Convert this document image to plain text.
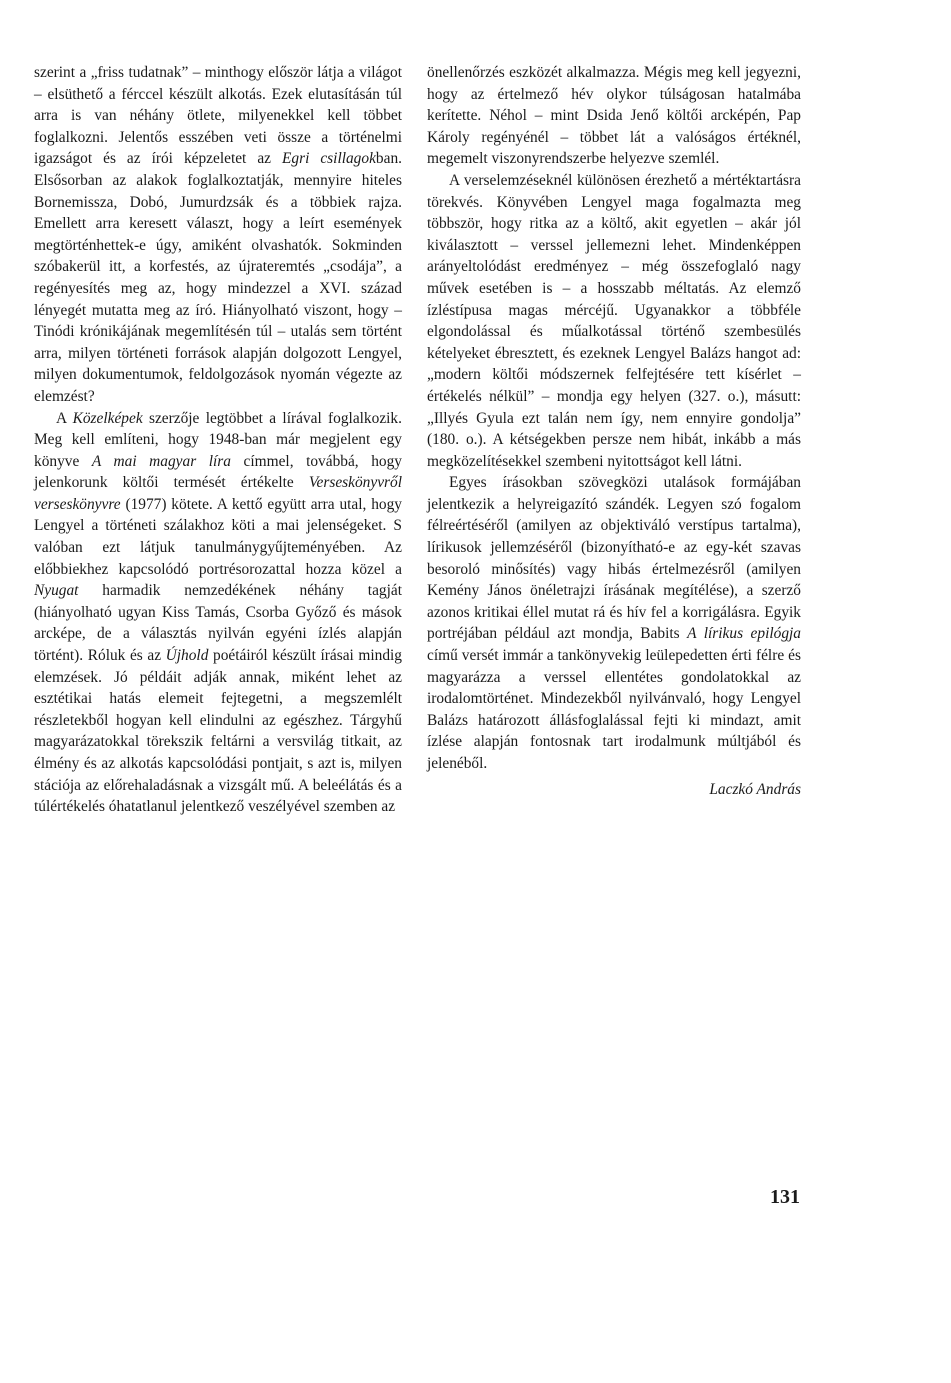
szerint a „friss tudatnak” – minthogy először látja a világot – elsüthető a férccel készült alkotás. Ezek elutasításán túl arra is van néhány ötlete, milyenekkel kell többet foglalkozni. Jelentős esszében veti össze a történelmi igazságot és az írói képzeletet az Egri csillagokban. Elsősorban az alakok foglalkoztatják, mennyire hiteles Bornemissza, Dobó, Jumurdzsák és a többiek rajza. Emellett arra keresett választ, hogy a leírt események megtörténhettek-e úgy, amiként olvashatók. Sokminden szóbakerül itt, a korfestés, az újrateremtés „csodája”, a regényesítés meg az, hogy mindezzel a XVI. század lényegét mutatta meg az író. Hiányolható viszont, hogy – Tinódi krónikájának megemlítésén túl – utalás sem történt arra, milyen történeti források alapján dolgozott Lengyel, milyen dokumentumok, feldolgozások nyomán végezte az elemzést?

A Közelképek szerzője legtöbbet a lírával foglalkozik. Meg kell említeni, hogy 1948-ban már megjelent egy könyve A mai magyar líra címmel, továbbá, hogy jelenkorunk költői termését értékelte Verseskönyvről verseskönyvre (1977) kötete. A kettő együtt arra utal, hogy Lengyel a történeti szálakhoz köti a mai jelenségeket. S valóban ezt látjuk tanulmánygyűjteményében. Az előbbiekhez kapcsolódó portrésorozattal hozza közel a Nyugat harmadik nemzedékének néhány tagját (hiányolható ugyan Kiss Tamás, Csorba Győző és mások arcképe, de a választás nyilván egyéni ízlés alapján történt). Róluk és az Újhold poétáiról készült írásai mindig elemzések. Jó példáit adják annak, miként lehet az esztétikai hatás elemeit fejtegetni, a megszemlélt részletekből hogyan kell elindulni az egészhez. Tárgyhű magyarázatokkal törekszik feltárni a versvilág titkait, az élmény és az alkotás kapcsolódási pontjait, s azt is, milyen stációja az előrehaladásnak a vizsgált mű. A beleélátás és a túlértékelés óhatatlanul jelentkező veszélyével szemben az

önellenőrzés eszközét alkalmazza. Mégis meg kell jegyezni, hogy az értelmező hév olykor túlságosan hatalmába kerítette. Néhol – mint Dsida Jenő költői arcképén, Pap Károly regényénél – többet lát a valóságos értéknél, megemelt viszonyrendszerbe helyezve szemlél.

A verselemzéseknél különösen érezhető a mértéktartásra törekvés. Könyvében Lengyel maga fogalmazta meg többször, hogy ritka az a költő, akit egyetlen – akár jól kiválasztott – verssel jellemezni lehet. Mindenképpen arányeltolódást eredményez – még összefoglaló nagy művek esetében is – a hosszabb méltatás. Az elemző ízléstípusa magas mércéjű. Ugyanakkor a többféle elgondolással és műalkotással történő szembesülés kételyeket ébresztett, és ezeknek Lengyel Balázs hangot ad: „modern költői módszernek felfejtésére tett kísérlet – értékelés nélkül” – mondja egy helyen (327. o.), másutt: „Illyés Gyula ezt talán nem így, nem ennyire gondolja” (180. o.). A kétségekben persze nem hibát, inkább a más megközelítésekkel szembeni nyitottságot kell látni.

Egyes írásokban szövegközi utalások formájában jelentkezik a helyreigazító szándék. Legyen szó fogalom félreértéséről (amilyen az objektiváló verstípus tartalma), lírikusok jellemzéséről (bizonyítható-e az egy-két szavas besoroló minősítés) vagy hibás értelmezésről (amilyen Kemény János önéletrajzi írásának megítélése), a szerző azonos kritikai éllel mutat rá és hív fel a korrigálásra. Egyik portréjában például azt mondja, Babits A lírikus epilógja című versét immár a tankönyvekig leülepedetten érti félre és magyarázza a verssel ellentétes gondolatokkal az irodalomtörténet. Mindezekből nyilvánvaló, hogy Lengyel Balázs határozott állásfoglalással fejti ki mindazt, amit ízlése alapján fontosnak tart irodalmunk múltjából és jelenéből.

Laczkó András
131
